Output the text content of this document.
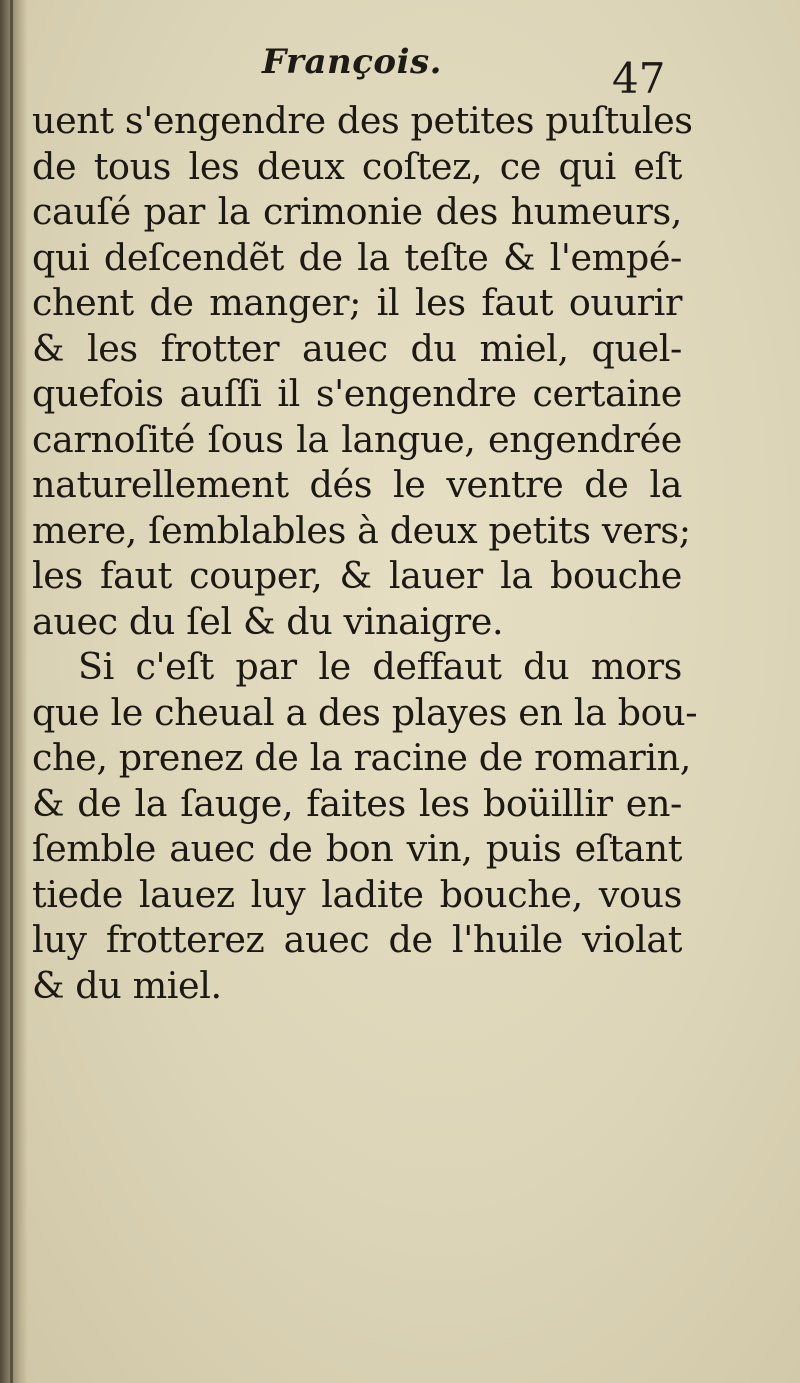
François.	47
uent s'engendre des petites puſtules
de tous les deux coſtez, ce qui eſt
cauſé par la crimonie des humeurs,
qui deſcendẽt de la teſte & l'empé-
chent de manger; il les faut ouurir
& les frotter auec du miel, quel-
quefois auſſi il s'engendre certaine
carnoſité ſous la langue, engendrée
naturellement dés le ventre de la
mere, ſemblables à deux petits vers;
les faut couper, & lauer la bouche
auec du ſel & du vinaigre.
Si c'eſt par le deffaut du mors
que le cheual a des playes en la bou-
che, prenez de la racine de romarin,
& de la ſauge, faites les boüillir en-
ſemble auec de bon vin, puis eſtant
tiede lauez luy ladite bouche, vous
luy frotterez auec de l'huile violat
& du miel.
